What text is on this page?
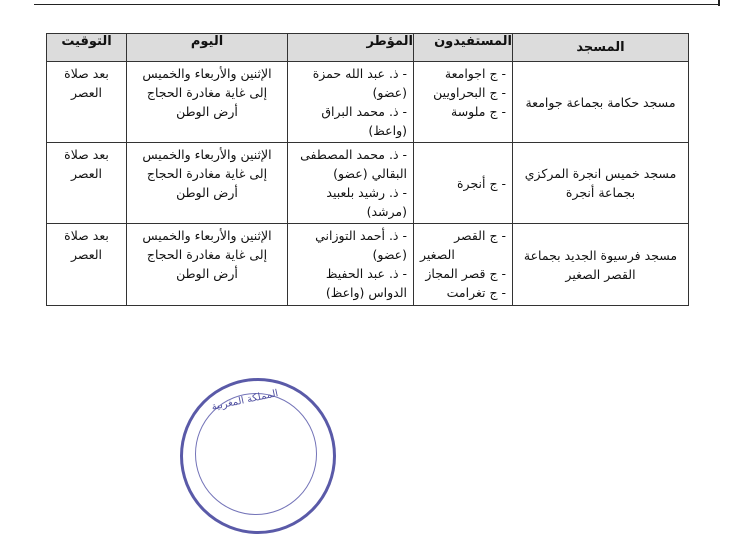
المسجد	المستفيدون	المؤطر	اليوم	التوقيت
مسجد حكامة بجماعة جوامعة	- ج اجوامعة
- ج البحراويين
- ج ملوسة	- ذ. عبد الله حمزة
(عضو)
- ذ. محمد البراق
(واعظ)	الإثنين والأربعاء والخميس
إلى غاية مغادرة الحجاج
أرض الوطن	بعد صلاة
العصر

مسجد خميس انجرة المركزي بجماعة أنجرة	- ج أنجرة	- ذ. محمد المصطفى
البقالي (عضو)
- ذ. رشيد بلعبيد
(مرشد)	الإثنين والأربعاء والخميس
إلى غاية مغادرة الحجاج
أرض الوطن	بعد صلاة
العصر

مسجد فرسيوة الجديد بجماعة القصر الصغير	- ج القصر
الصغير
- ج قصر المجاز
- ج تغرامت	- ذ. أحمد التوزاني
(عضو)
- ذ. عبد الحفيظ
الدواس (واعظ)	الإثنين والأربعاء والخميس
إلى غاية مغادرة الحجاج
أرض الوطن	بعد صلاة
العصر
المملكة المغربية
